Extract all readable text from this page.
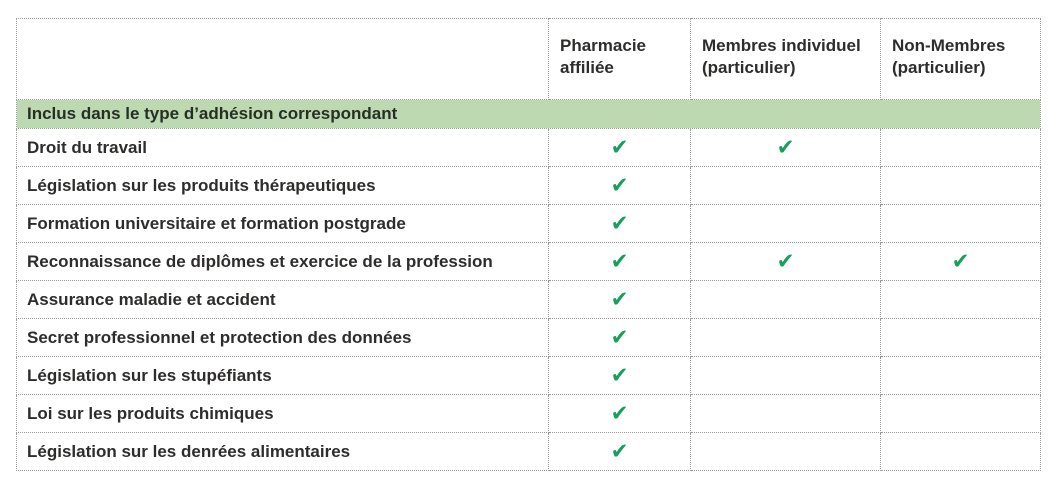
	Pharmacie affiliée	Membres individuel (particulier)	Non-Membres (particulier)
Inclus dans le type d’adhésion correspondant			
Droit du travail	✔	✔	
Législation sur les produits thérapeutiques	✔		
Formation universitaire et formation postgrade	✔		
Reconnaissance de diplômes et exercice de la profession	✔	✔	✔
Assurance maladie et accident	✔		
Secret professionnel et protection des données	✔		
Législation sur les stupéfiants	✔		
Loi sur les produits chimiques	✔		
Législation sur les denrées alimentaires	✔		
